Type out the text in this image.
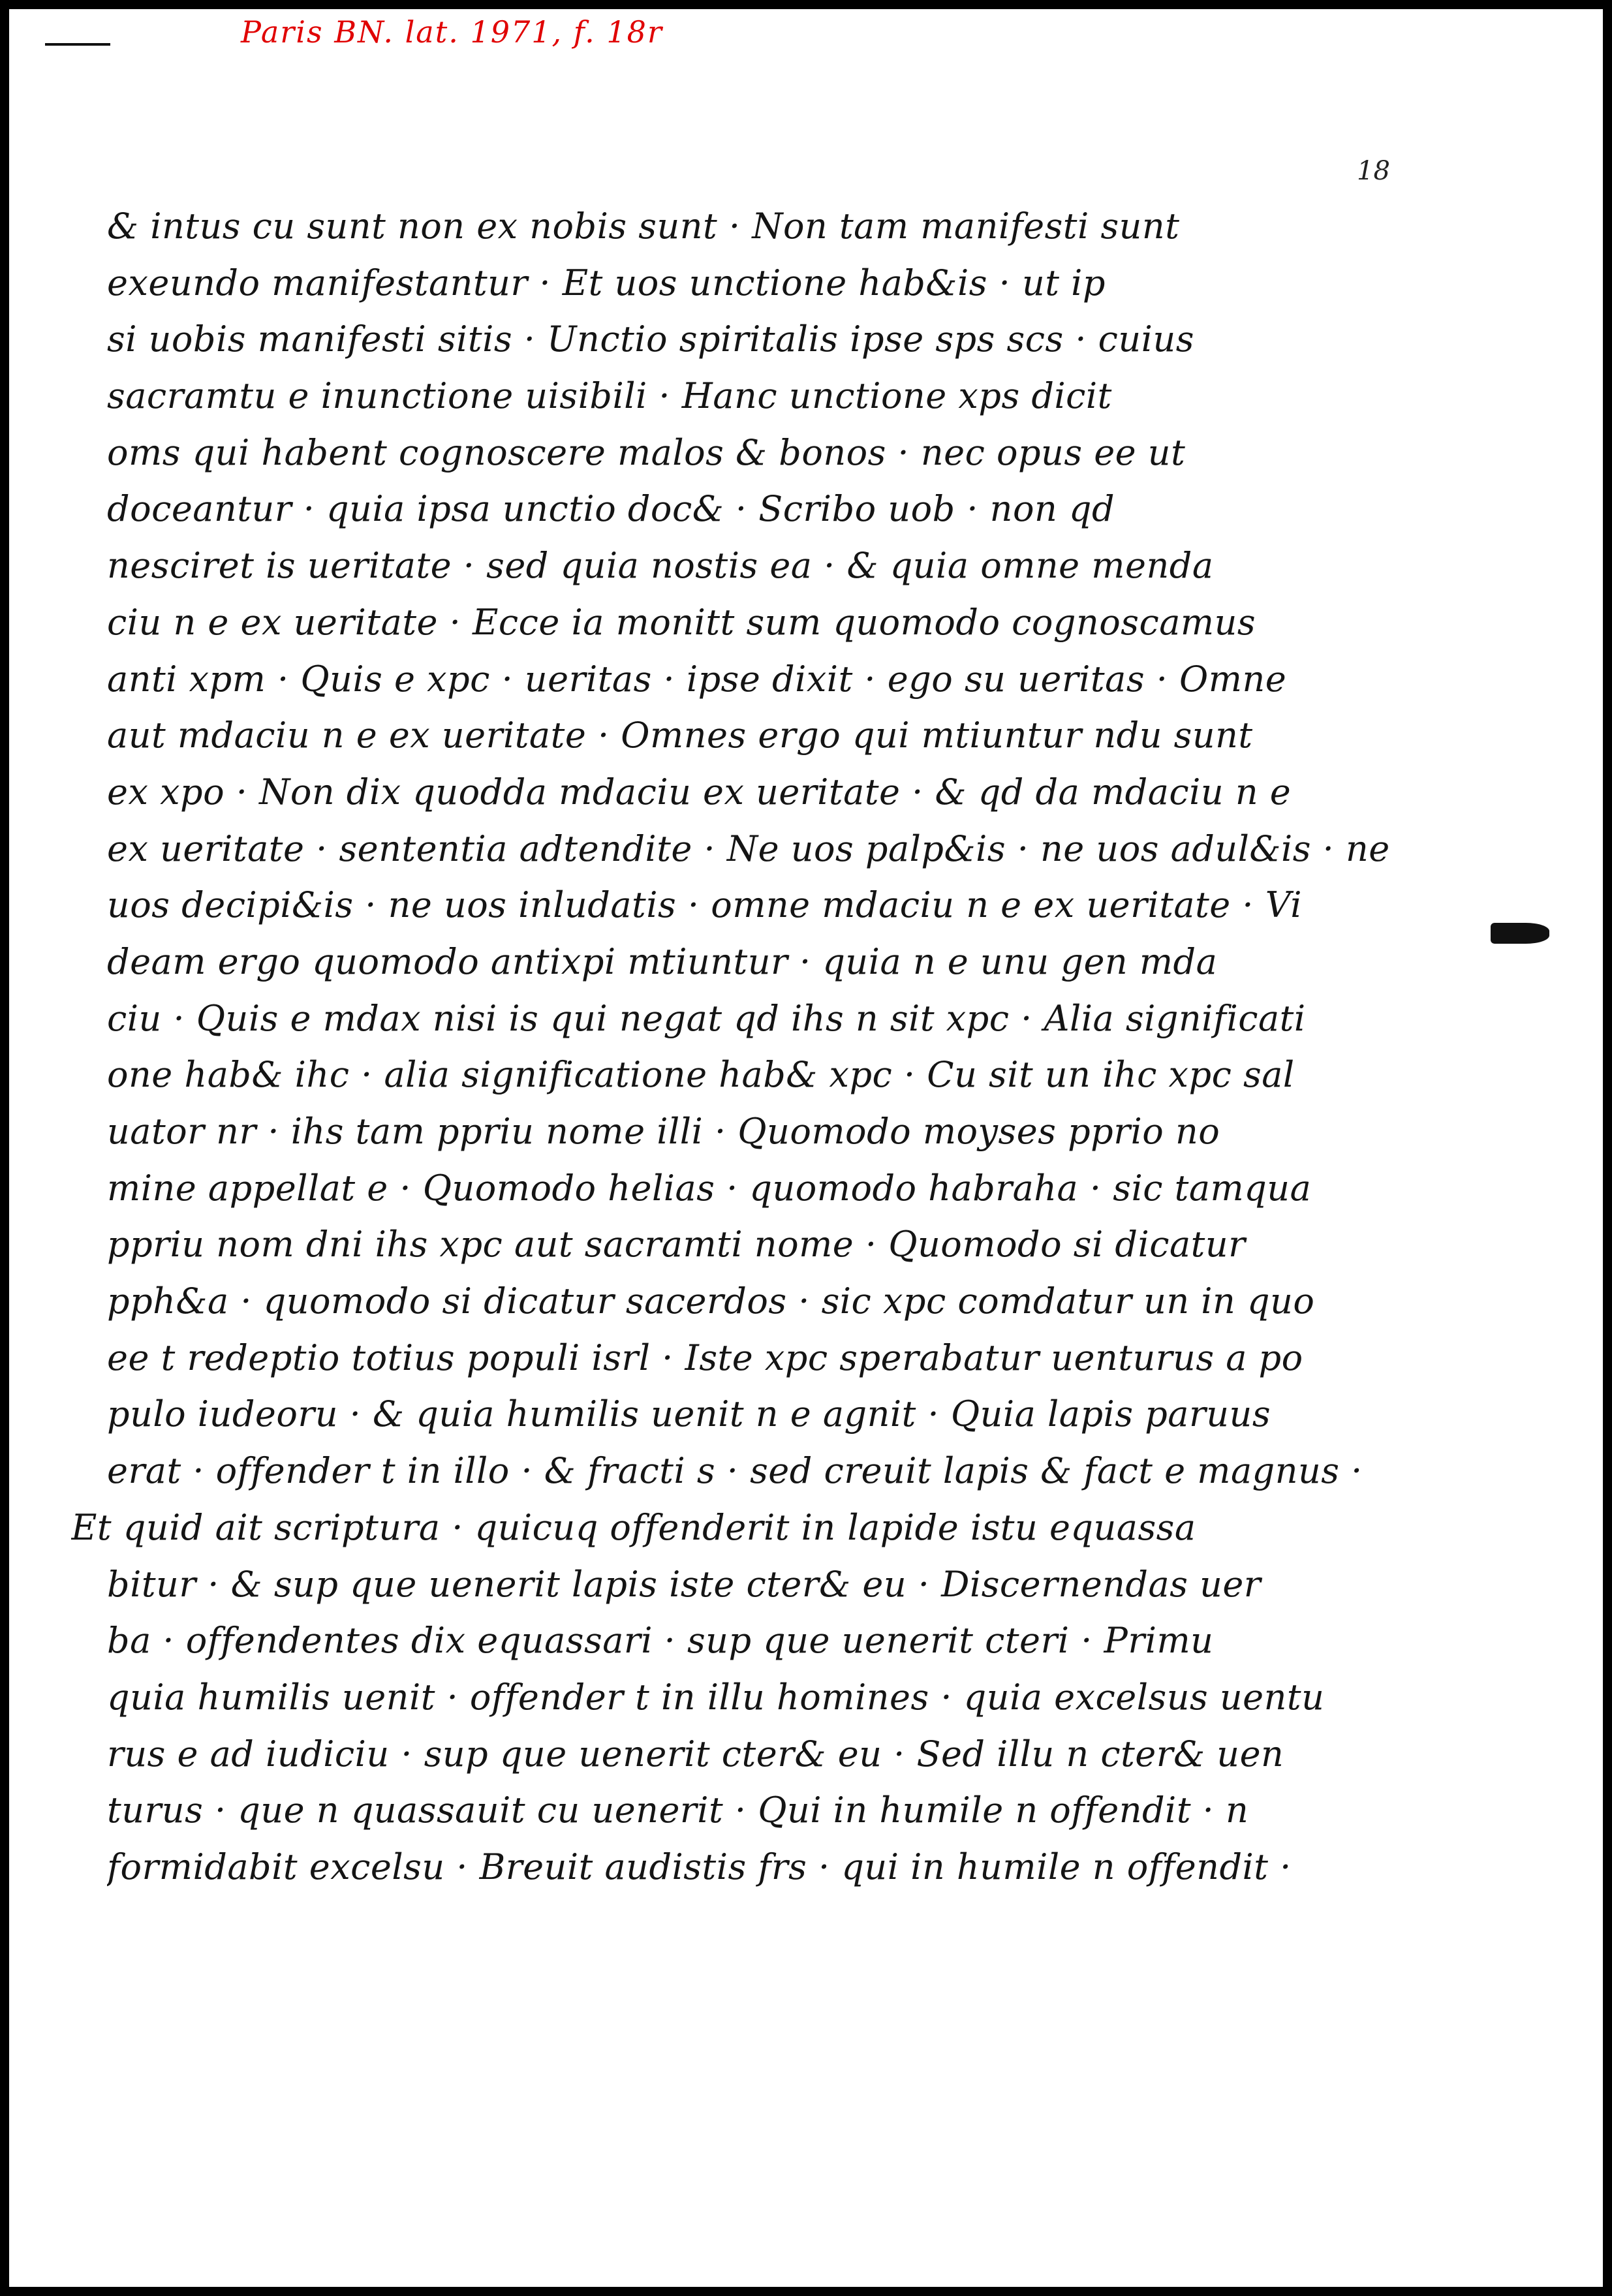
Paris BN. lat. 1971, f. 18r
18
& intus cu sunt non ex nobis sunt · Non tam manifesti sunt
exeundo manifestantur · Et uos unctione hab&is · ut ip
si uobis manifesti sitis · Unctio spiritalis ipse sps scs · cuius
sacramtu e inunctione uisibili · Hanc unctione xps dicit
oms qui habent cognoscere malos & bonos · nec opus ee ut
doceantur · quia ipsa unctio doc& · Scribo uob · non qd
nesciret is ueritate · sed quia nostis ea · & quia omne menda
ciu n e ex ueritate · Ecce ia monitt sum quomodo cognoscamus
anti xpm · Quis e xpc · ueritas · ipse dixit · ego su ueritas · Omne
aut mdaciu n e ex ueritate · Omnes ergo qui mtiuntur ndu sunt
ex xpo · Non dix quodda mdaciu ex ueritate · & qd da mdaciu n e
ex ueritate · sententia adtendite · Ne uos palp&is · ne uos adul&is · ne
uos decipi&is · ne uos inludatis · omne mdaciu n e ex ueritate · Vi
deam ergo quomodo antixpi mtiuntur · quia n e unu gen mda
ciu · Quis e mdax nisi is qui negat qd ihs n sit xpc · Alia significati
one hab& ihc · alia significatione hab& xpc · Cu sit un ihc xpc sal
uator nr · ihs tam ppriu nome illi · Quomodo moyses pprio no
mine appellat e · Quomodo helias · quomodo habraha · sic tamqua
ppriu nom dni ihs xpc aut sacramti nome · Quomodo si dicatur
pph&a · quomodo si dicatur sacerdos · sic xpc comdatur un in quo
ee t redeptio totius populi isrl · Iste xpc sperabatur uenturus a po
pulo iudeoru · & quia humilis uenit n e agnit · Quia lapis paruus
erat · offender t in illo · & fracti s · sed creuit lapis & fact e magnus ·
Et quid ait scriptura · quicuq offenderit in lapide istu equassa
bitur · & sup que uenerit lapis iste cter& eu · Discernendas uer
ba · offendentes dix equassari · sup que uenerit cteri · Primu
quia humilis uenit · offender t in illu homines · quia excelsus uentu
rus e ad iudiciu · sup que uenerit cter& eu · Sed illu n cter& uen
turus · que n quassauit cu uenerit · Qui in humile n offendit · n
formidabit excelsu · Breuit audistis frs · qui in humile n offendit ·
